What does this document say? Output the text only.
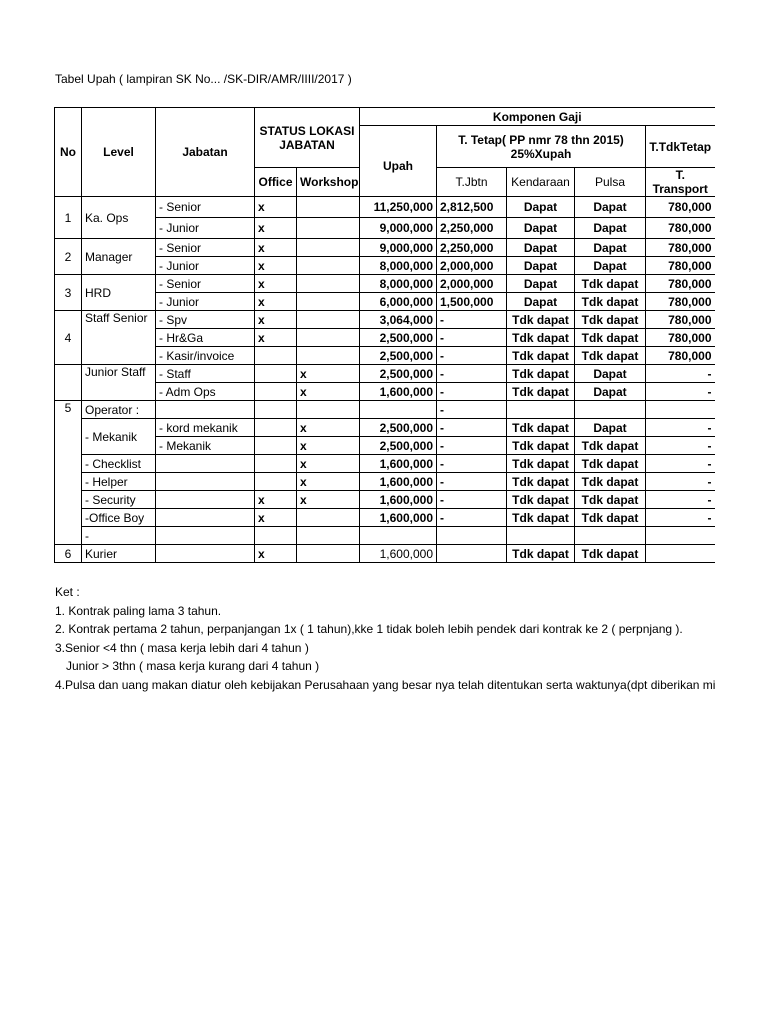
Tabel Upah ( lampiran SK No... /SK-DIR/AMR/IIII/2017 )
No	Level	Jabatan	STATUS LOKASI JABATAN		Komponen Gaji				
					Upah	T. Tetap( PP nmr 78 thn 2015) 25%Xupah			T.TdkTetap
			Office	Workshop		T.Jbtn	Kendaraan	Pulsa	T. Transport
1	Ka. Ops	- Senior	x		11,250,000	2,812,500	Dapat	Dapat	780,000
		- Junior	x		9,000,000	2,250,000	Dapat	Dapat	780,000
2	Manager	- Senior	x		9,000,000	2,250,000	Dapat	Dapat	780,000
		- Junior	x		8,000,000	2,000,000	Dapat	Dapat	780,000
3	HRD	- Senior	x		8,000,000	2,000,000	Dapat	Tdk dapat	780,000
		- Junior	x		6,000,000	1,500,000	Dapat	Tdk dapat	780,000
4	Staff Senior	- Spv	x		3,064,000	-	Tdk dapat	Tdk dapat	780,000
		- Hr&Ga	x		2,500,000	-	Tdk dapat	Tdk dapat	780,000
		- Kasir/invoice			2,500,000	-	Tdk dapat	Tdk dapat	780,000
	Junior Staff	- Staff		x	2,500,000	-	Tdk dapat	Dapat	-
		- Adm Ops		x	1,600,000	-	Tdk dapat	Dapat	-
5	Operator :					-			
	- Mekanik	- kord mekanik		x	2,500,000	-	Tdk dapat	Dapat	-
		- Mekanik		x	2,500,000	-	Tdk dapat	Tdk dapat	-
	- Checklist			x	1,600,000	-	Tdk dapat	Tdk dapat	-
	- Helper			x	1,600,000	-	Tdk dapat	Tdk dapat	-
	- Security		x	x	1,600,000	-	Tdk dapat	Tdk dapat	-
	-Office Boy		x		1,600,000	-	Tdk dapat	Tdk dapat	-
	-								
6	Kurier		x		1,600,000		Tdk dapat	Tdk dapat	
Ket :
1. Kontrak paling lama 3 tahun.
2. Kontrak pertama 2 tahun, perpanjangan 1x ( 1 tahun),kke 1 tidak boleh lebih pendek dari kontrak ke 2 ( perpnjang ).
3.Senior <4 thn ( masa kerja lebih dari 4 tahun )
Junior > 3thn ( masa kerja kurang dari 4 tahun )
4.Pulsa dan uang makan diatur oleh kebijakan Perusahaan yang besar nya telah ditentukan serta waktunya(dpt diberikan mi
